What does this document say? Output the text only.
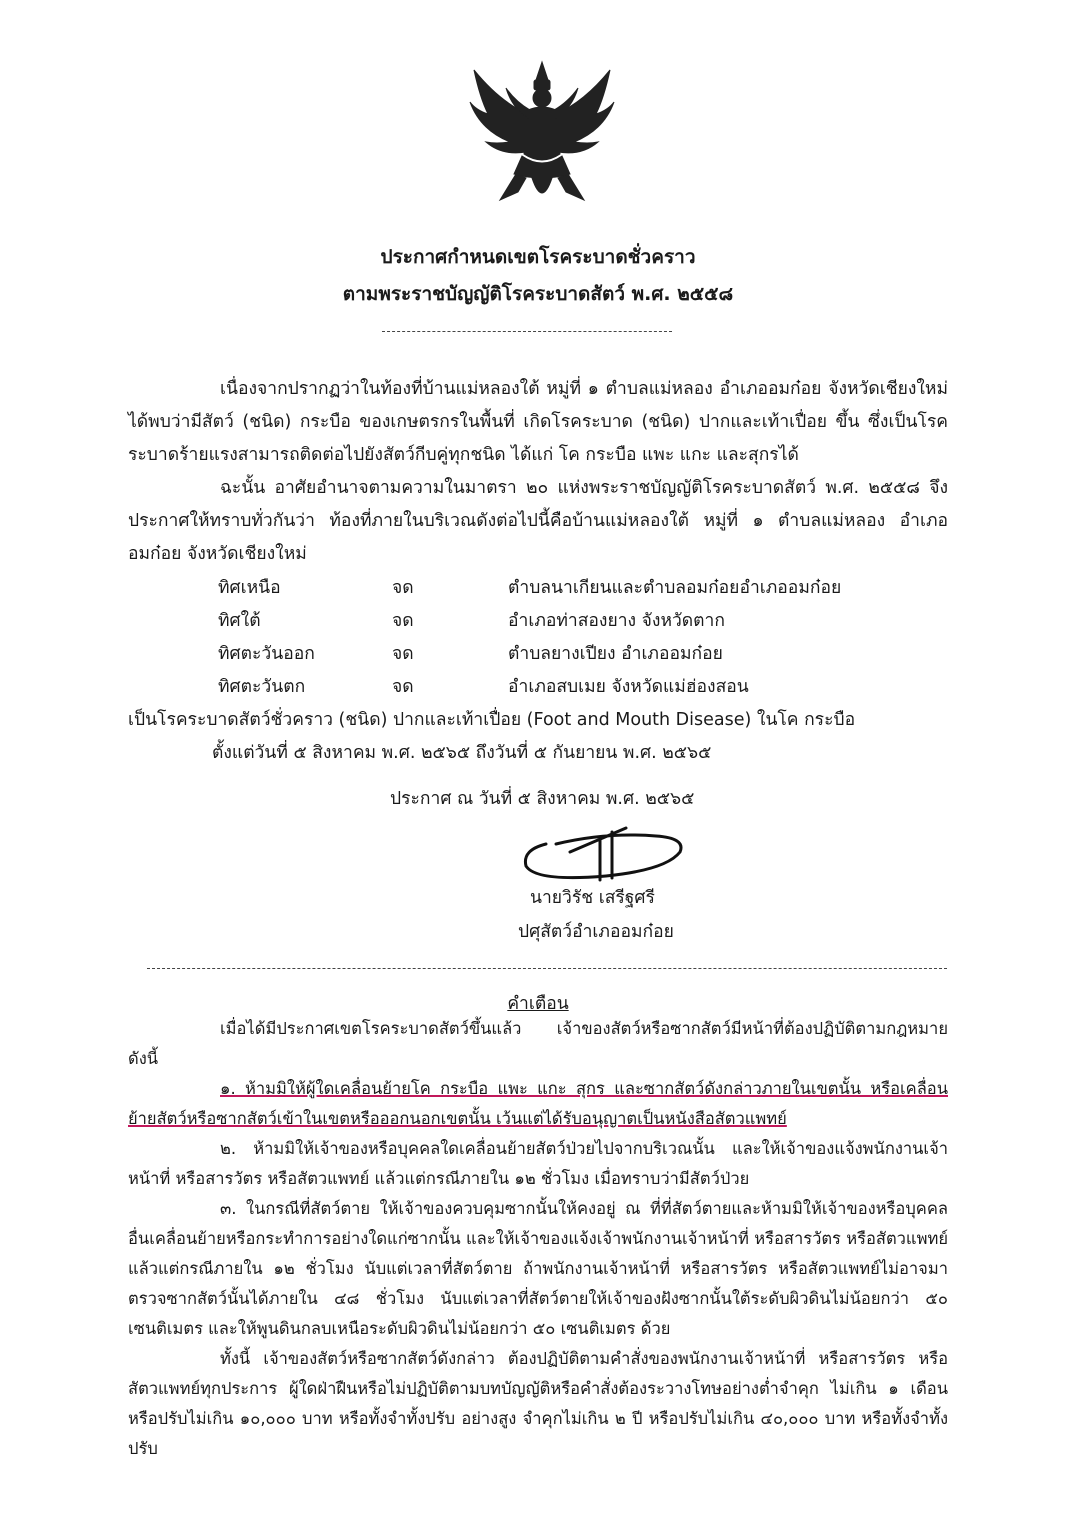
ประกาศกำหนดเขตโรคระบาดชั่วคราว
ตามพระราชบัญญัติโรคระบาดสัตว์ พ.ศ. ๒๕๕๘

เนื่องจากปรากฏว่าในท้องที่บ้านแม่หลองใต้ หมู่ที่ ๑ ตำบลแม่หลอง อำเภออมก๋อย จังหวัดเชียงใหม่ ได้พบว่ามีสัตว์ (ชนิด) กระบือ ของเกษตรกรในพื้นที่ เกิดโรคระบาด (ชนิด) ปากและเท้าเปื่อย ขึ้น ซึ่งเป็นโรคระบาดร้ายแรงสามารถติดต่อไปยังสัตว์กีบคู่ทุกชนิด ได้แก่ โค กระบือ แพะ แกะ และสุกรได้

ฉะนั้น อาศัยอำนาจตามความในมาตรา ๒๐ แห่งพระราชบัญญัติโรคระบาดสัตว์ พ.ศ. ๒๕๕๘ จึงประกาศให้ทราบทั่วกันว่า ท้องที่ภายในบริเวณดังต่อไปนี้คือบ้านแม่หลองใต้ หมู่ที่ ๑ ตำบลแม่หลอง อำเภออมก๋อย จังหวัดเชียงใหม่

ทิศเหนือ	จด	ตำบลนาเกียนและตำบลอมก๋อยอำเภออมก๋อย
ทิศใต้	จด	อำเภอท่าสองยาง จังหวัดตาก
ทิศตะวันออก	จด	ตำบลยางเปียง อำเภออมก๋อย
ทิศตะวันตก	จด	อำเภอสบเมย จังหวัดแม่ฮ่องสอน
เป็นโรคระบาดสัตว์ชั่วคราว (ชนิด) ปากและเท้าเปื่อย (Foot and Mouth Disease) ในโค กระบือ
ตั้งแต่วันที่ ๕ สิงหาคม พ.ศ. ๒๕๖๕ ถึงวันที่ ๕ กันยายน พ.ศ. ๒๕๖๕
ประกาศ ณ วันที่ ๕ สิงหาคม พ.ศ. ๒๕๖๕
นายวิรัช เสรีฐศรี
ปศุสัตว์อำเภออมก๋อย
คำเตือน

เมื่อได้มีประกาศเขตโรคระบาดสัตว์ขึ้นแล้ว เจ้าของสัตว์หรือซากสัตว์มีหน้าที่ต้องปฏิบัติตามกฎหมาย ดังนี้

๑. ห้ามมิให้ผู้ใดเคลื่อนย้ายโค กระบือ แพะ แกะ สุกร และซากสัตว์ดังกล่าวภายในเขตนั้น หรือเคลื่อนย้ายสัตว์หรือซากสัตว์เข้าในเขตหรือออกนอกเขตนั้น เว้นแต่ได้รับอนุญาตเป็นหนังสือสัตวแพทย์

๒. ห้ามมิให้เจ้าของหรือบุคคลใดเคลื่อนย้ายสัตว์ป่วยไปจากบริเวณนั้น และให้เจ้าของแจ้งพนักงานเจ้าหน้าที่ หรือสารวัตร หรือสัตวแพทย์ แล้วแต่กรณีภายใน ๑๒ ชั่วโมง เมื่อทราบว่ามีสัตว์ป่วย

๓. ในกรณีที่สัตว์ตาย ให้เจ้าของควบคุมซากนั้นให้คงอยู่ ณ ที่ที่สัตว์ตายและห้ามมิให้เจ้าของหรือบุคคลอื่นเคลื่อนย้ายหรือกระทำการอย่างใดแก่ซากนั้น และให้เจ้าของแจ้งเจ้าพนักงานเจ้าหน้าที่ หรือสารวัตร หรือสัตวแพทย์ แล้วแต่กรณีภายใน ๑๒ ชั่วโมง นับแต่เวลาที่สัตว์ตาย ถ้าพนักงานเจ้าหน้าที่ หรือสารวัตร หรือสัตวแพทย์ไม่อาจมาตรวจซากสัตว์นั้นได้ภายใน ๔๘ ชั่วโมง นับแต่เวลาที่สัตว์ตายให้เจ้าของฝังซากนั้นใต้ระดับผิวดินไม่น้อยกว่า ๕๐ เซนติเมตร และให้พูนดินกลบเหนือระดับผิวดินไม่น้อยกว่า ๕๐ เซนติเมตร ด้วย

ทั้งนี้ เจ้าของสัตว์หรือซากสัตว์ดังกล่าว ต้องปฏิบัติตามคำสั่งของพนักงานเจ้าหน้าที่ หรือสารวัตร หรือสัตวแพทย์ทุกประการ ผู้ใดฝ่าฝืนหรือไม่ปฏิบัติตามบทบัญญัติหรือคำสั่งต้องระวางโทษอย่างต่ำจำคุก ไม่เกิน ๑ เดือน หรือปรับไม่เกิน ๑๐,๐๐๐ บาท หรือทั้งจำทั้งปรับ อย่างสูง จำคุกไม่เกิน ๒ ปี หรือปรับไม่เกิน ๔๐,๐๐๐ บาท หรือทั้งจำทั้งปรับ
